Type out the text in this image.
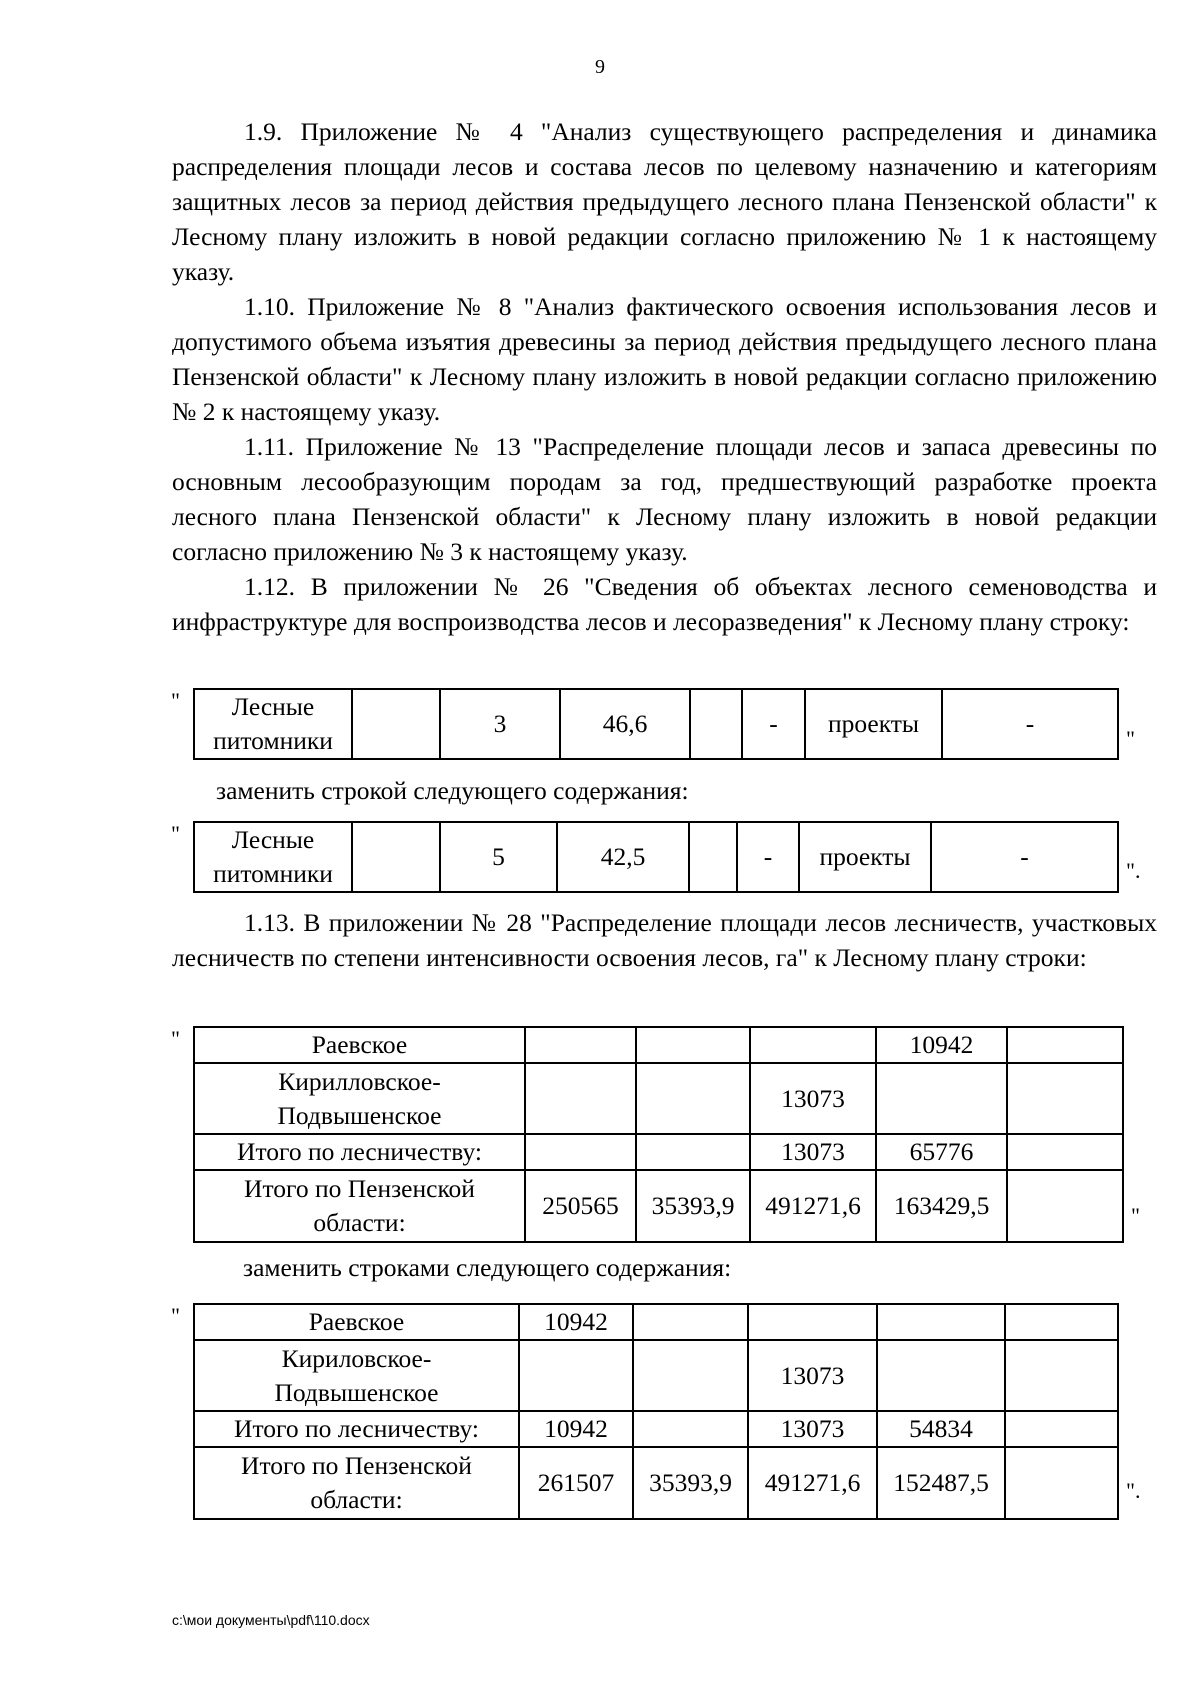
9

1.9. Приложение № 4 "Анализ существующего распределения и динамика распределения площади лесов и состава лесов по целевому назначению и категориям защитных лесов за период действия предыдущего лесного плана Пензенской области" к Лесному плану изложить в новой редакции согласно приложению № 1 к настоящему указу.

1.10. Приложение № 8 "Анализ фактического освоения использования лесов и допустимого объема изъятия древесины за период действия предыдущего лесного плана Пензенской области" к Лесному плану изложить в новой редакции согласно приложению № 2 к настоящему указу.

1.11. Приложение № 13 "Распределение площади лесов и запаса древесины по основным лесообразующим породам за год, предшествующий разработке проекта лесного плана Пензенской области" к Лесному плану изложить в новой редакции согласно приложению № 3 к настоящему указу.

1.12. В приложении № 26 "Сведения об объектах лесного семеноводства и инфраструктуре для воспроизводства лесов и лесоразведения" к Лесному плану строку:

" Лесные питомники		3	46,6		-	проекты	-
"

заменить строкой следующего содержания:

" Лесные питомники		5	42,5		-	проекты	-	".

1.13. В приложении № 28 "Распределение площади лесов лесничеств, участковых лесничеств по степени интенсивности освоения лесов, га" к Лесному плану строки:

"	Раевское				10942	
Кирилловское-Подвышенское			13073		
Итого по лесничеству:			13073	65776	
Итого по Пензенской области:	250565	35393,9	491271,6	163429,5		"

заменить строками следующего содержания:

"	Раевское	10942				
Кириловское-Подвышенское			13073		
Итого по лесничеству:	10942		13073	54834	
Итого по Пензенской области:	261507	35393,9	491271,6	152487,5		".
c:\мои документы\pdf\110.docx
